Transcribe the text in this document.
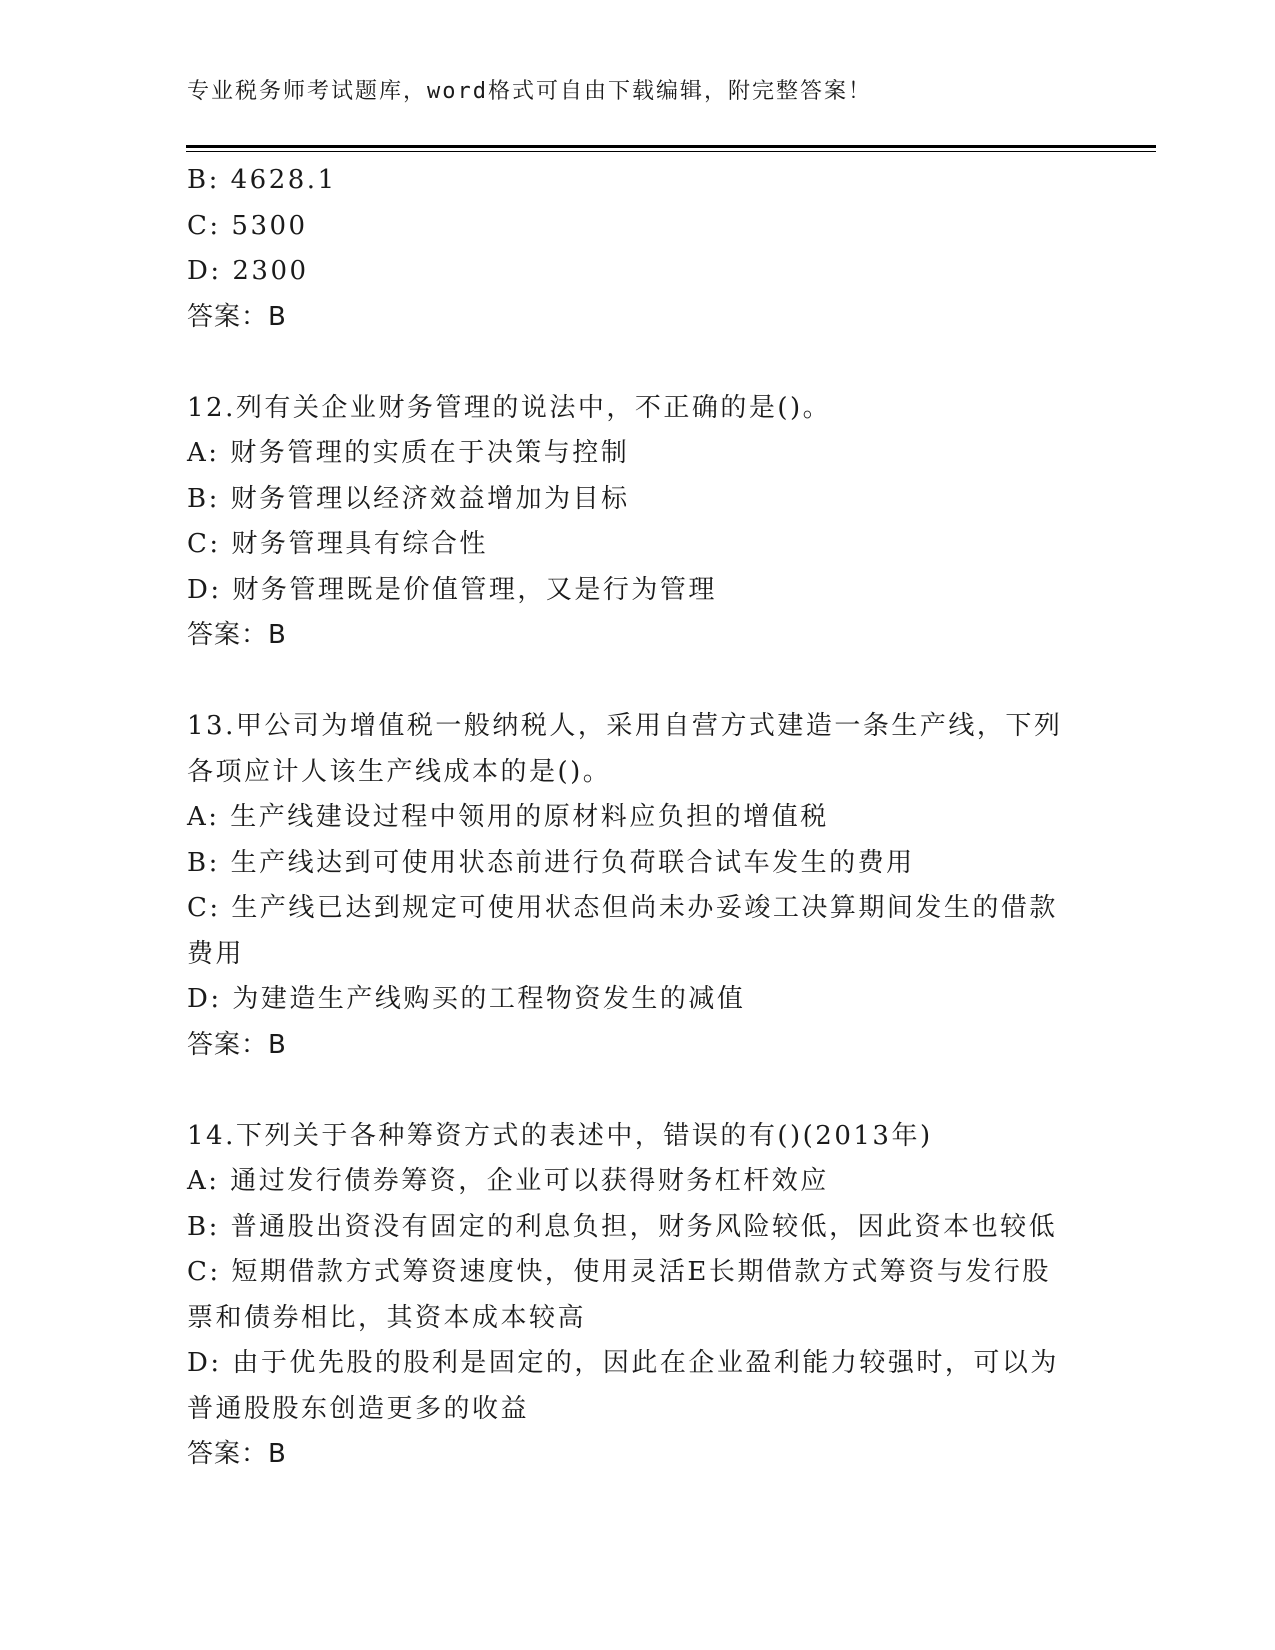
专业税务师考试题库，word格式可自由下载编辑，附完整答案！
B: 4628.1
C: 5300
D: 2300
答案：B
12.列有关企业财务管理的说法中，不正确的是()。
A: 财务管理的实质在于决策与控制
B: 财务管理以经济效益增加为目标
C: 财务管理具有综合性
D: 财务管理既是价值管理，又是行为管理
答案：B
13.甲公司为增值税一般纳税人，采用自营方式建造一条生产线，下列
各项应计人该生产线成本的是()。
A: 生产线建设过程中领用的原材料应负担的增值税
B: 生产线达到可使用状态前进行负荷联合试车发生的费用
C: 生产线已达到规定可使用状态但尚未办妥竣工决算期间发生的借款
费用
D: 为建造生产线购买的工程物资发生的减值
答案：B
14.下列关于各种筹资方式的表述中，错误的有()(2013年)
A: 通过发行债券筹资，企业可以获得财务杠杆效应
B: 普通股出资没有固定的利息负担，财务风险较低，因此资本也较低
C: 短期借款方式筹资速度快，使用灵活E长期借款方式筹资与发行股
票和债券相比，其资本成本较高
D: 由于优先股的股利是固定的，因此在企业盈利能力较强时，可以为
普通股股东创造更多的收益
答案：B
